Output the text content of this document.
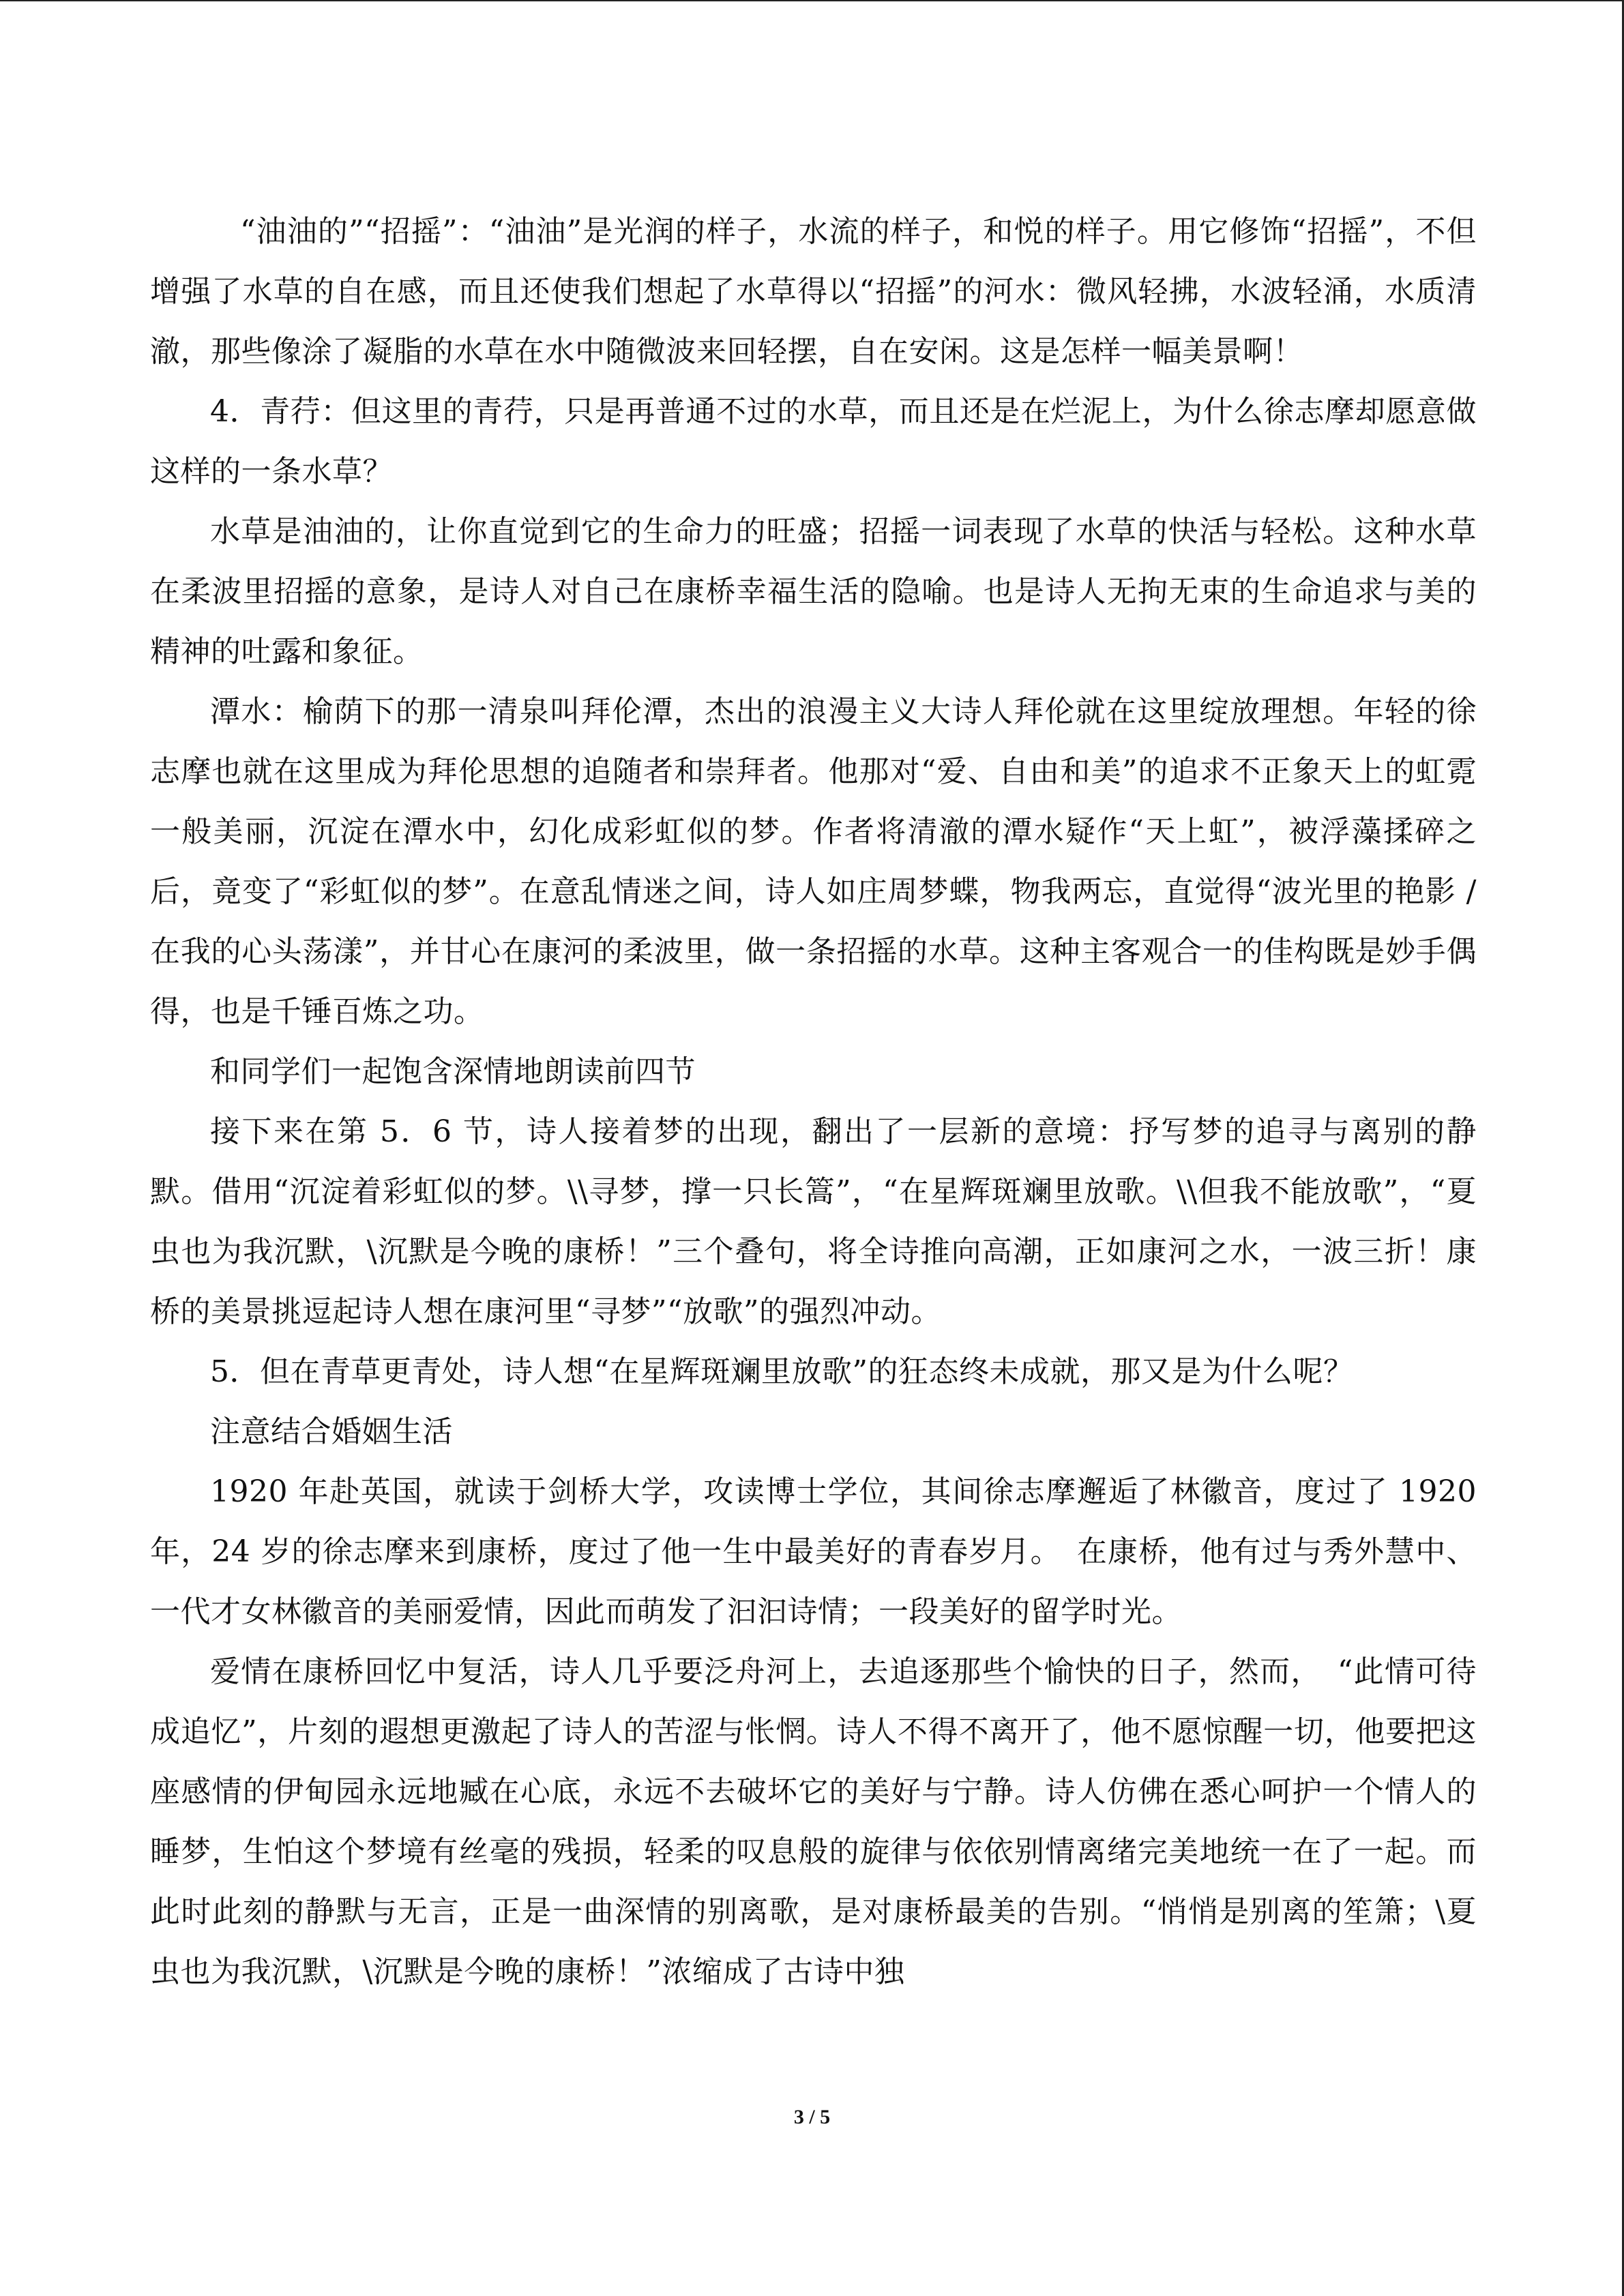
“油油的”“招摇”：“油油”是光润的样子，水流的样子，和悦的样子。用它修饰“招摇”，不但增强了水草的自在感，而且还使我们想起了水草得以“招摇”的河水：微风轻拂，水波轻涌，水质清澈，那些像涂了凝脂的水草在水中随微波来回轻摆，自在安闲。这是怎样一幅美景啊！

4．青荇：但这里的青荇，只是再普通不过的水草，而且还是在烂泥上，为什么徐志摩却愿意做这样的一条水草？

水草是油油的，让你直觉到它的生命力的旺盛；招摇一词表现了水草的快活与轻松。这种水草在柔波里招摇的意象，是诗人对自己在康桥幸福生活的隐喻。也是诗人无拘无束的生命追求与美的精神的吐露和象征。

潭水：榆荫下的那一清泉叫拜伦潭，杰出的浪漫主义大诗人拜伦就在这里绽放理想。年轻的徐志摩也就在这里成为拜伦思想的追随者和崇拜者。他那对“爱、自由和美”的追求不正象天上的虹霓一般美丽，沉淀在潭水中，幻化成彩虹似的梦。作者将清澈的潭水疑作“天上虹”，被浮藻揉碎之后，竟变了“彩虹似的梦”。在意乱情迷之间，诗人如庄周梦蝶，物我两忘，直觉得“波光里的艳影 / 在我的心头荡漾”，并甘心在康河的柔波里，做一条招摇的水草。这种主客观合一的佳构既是妙手偶得，也是千锤百炼之功。

和同学们一起饱含深情地朗读前四节

接下来在第 5．6 节，诗人接着梦的出现，翻出了一层新的意境：抒写梦的追寻与离别的静默。借用“沉淀着彩虹似的梦。\\寻梦，撑一只长篙”，“在星辉斑斓里放歌。\\但我不能放歌”，“夏虫也为我沉默，\沉默是今晚的康桥！”三个叠句，将全诗推向高潮，正如康河之水，一波三折！康桥的美景挑逗起诗人想在康河里“寻梦”“放歌”的强烈冲动。

5．但在青草更青处，诗人想“在星辉斑斓里放歌”的狂态终未成就，那又是为什么呢？

注意结合婚姻生活

1920 年赴英国，就读于剑桥大学，攻读博士学位，其间徐志摩邂逅了林徽音，度过了 1920 年，24 岁的徐志摩来到康桥，度过了他一生中最美好的青春岁月。　在康桥，他有过与秀外慧中、一代才女林徽音的美丽爱情，因此而萌发了汩汩诗情；一段美好的留学时光。

爱情在康桥回忆中复活，诗人几乎要泛舟河上，去追逐那些个愉快的日子，然而，　“此情可待成追忆”，片刻的遐想更激起了诗人的苦涩与怅惘。诗人不得不离开了，他不愿惊醒一切，他要把这座感情的伊甸园永远地臧在心底，永远不去破坏它的美好与宁静。诗人仿佛在悉心呵护一个情人的睡梦，生怕这个梦境有丝毫的残损，轻柔的叹息般的旋律与依依别情离绪完美地统一在了一起。而此时此刻的静默与无言，正是一曲深情的别离歌，是对康桥最美的告别。“悄悄是别离的笙箫；\夏虫也为我沉默，\沉默是今晚的康桥！”浓缩成了古诗中独

3 / 5
